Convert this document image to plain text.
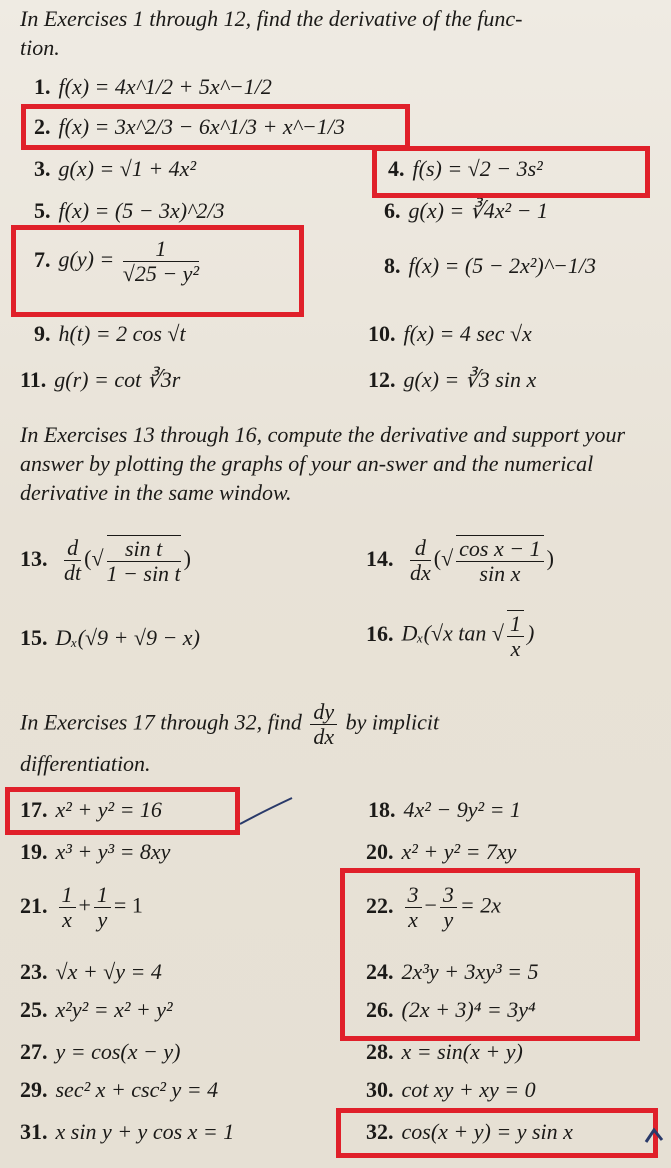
In Exercises 1 through 12, find the derivative of the func-
tion.
1. f(x) = 4x^1/2 + 5x^−1/2
2. f(x) = 3x^2/3 − 6x^1/3 + x^−1/3
3. g(x) = √1 + 4x²	4. f(s) = √2 − 3s²
5. f(x) = (5 − 3x)^2/3	6. g(x) = ∛4x² − 1
7. $g(y) = \frac{1}{\text{√25 − y²}}$	8. f(x) = (5 − 2x²)^−1/3
9. h(t) = 2 cos √t	10. f(x) = 4 sec √x
11. g(r) = cot ∛3r	12. g(x) = ∛3 sin x
In Exercises 13 through 16, compute the derivative and support your answer by plotting the graphs of your an-swer and the numerical derivative in the same window.
13. $\frac{d}{dt}$ (√ $\frac{\text{sin t}}{\text{1 − sin t}}$ )	14. $\frac{d}{dx}$ (√ $\frac{\text{cos x − 1}}{\text{sin x}}$ )
15. Dₓ(√9 + √9 − x)	16. Dₓ(√x tan √ $\frac{1}{x}$ )
In Exercises 17 through 32, find $\frac{dy}{dx}$ by implicit
differentiation.
17. x² + y² = 16	18. 4x² − 9y² = 1
19. x³ + y³ = 8xy	20. x² + y² = 7xy
21. $\frac{1}{x} + \frac{1}{y} = 1$	22. $\frac{3}{x} - \frac{3}{y} = 2x$
23. √x + √y = 4	24. 2x³y + 3xy³ = 5
25. x²y² = x² + y²	26. (2x + 3)⁴ = 3y⁴
27. y = cos(x − y)	28. x = sin(x + y)
29. sec² x + csc² y = 4	30. cot xy + xy = 0
31. x sin y + y cos x = 1	32. cos(x + y) = y sin x
